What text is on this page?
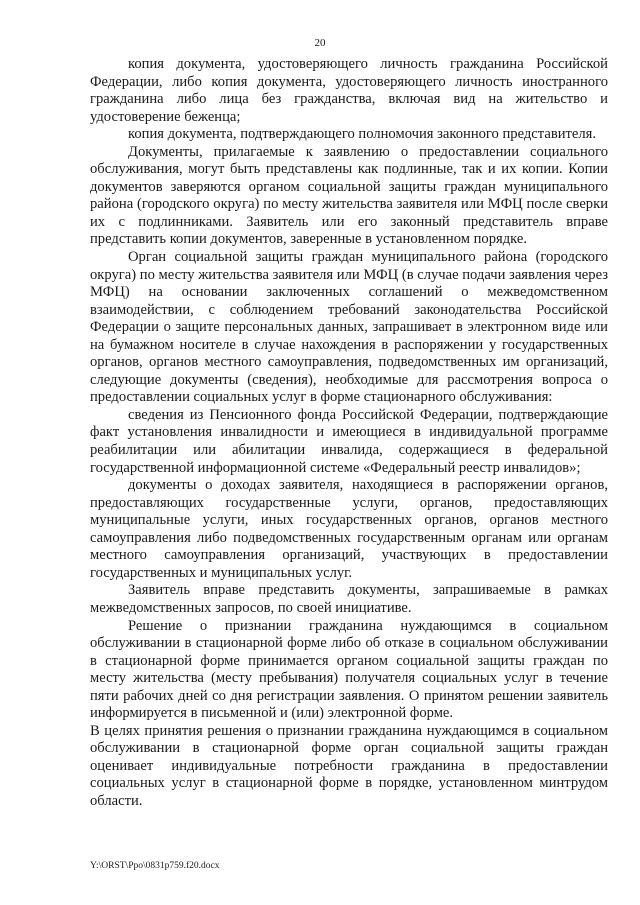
20

копия документа, удостоверяющего личность гражданина Российской Федерации, либо копия документа, удостоверяющего личность иностранного гражданина либо лица без гражданства, включая вид на жительство и удостоверение беженца;

копия документа, подтверждающего полномочия законного представителя.

Документы, прилагаемые к заявлению о предоставлении социального обслуживания, могут быть представлены как подлинные, так и их копии. Копии документов заверяются органом социальной защиты граждан муниципального района (городского округа) по месту жительства заявителя или МФЦ после сверки их с подлинниками. Заявитель или его законный представитель вправе представить копии документов, заверенные в установленном порядке.

Орган социальной защиты граждан муниципального района (городского округа) по месту жительства заявителя или МФЦ (в случае подачи заявления через МФЦ) на основании заключенных соглашений о межведомственном взаимодействии, с соблюдением требований законодательства Российской Федерации о защите персональных данных, запрашивает в электронном виде или на бумажном носителе в случае нахождения в распоряжении у государственных органов, органов местного самоуправления, подведомственных им организаций, следующие документы (сведения), необходимые для рассмотрения вопроса о предоставлении социальных услуг в форме стационарного обслуживания:

сведения из Пенсионного фонда Российской Федерации, подтверждающие факт установления инвалидности и имеющиеся в индивидуальной программе реабилитации или абилитации инвалида, содержащиеся в федеральной государственной информационной системе «Федеральный реестр инвалидов»;

документы о доходах заявителя, находящиеся в распоряжении органов, предоставляющих государственные услуги, органов, предоставляющих муниципальные услуги, иных государственных органов, органов местного самоуправления либо подведомственных государственным органам или органам местного самоуправления организаций, участвующих в предоставлении государственных и муниципальных услуг.

Заявитель вправе представить документы, запрашиваемые в рамках межведомственных запросов, по своей инициативе.

Решение о признании гражданина нуждающимся в социальном обслуживании в стационарной форме либо об отказе в социальном обслуживании в стационарной форме принимается органом социальной защиты граждан по месту жительства (месту пребывания) получателя социальных услуг в течение пяти рабочих дней со дня регистрации заявления. О принятом решении заявитель информируется в письменной и (или) электронной форме.

В целях принятия решения о признании гражданина нуждающимся в социальном обслуживании в стационарной форме орган социальной защиты граждан оценивает индивидуальные потребности гражданина в предоставлении социальных услуг в стационарной форме в порядке, установленном минтрудом области.

Y:\ORST\Ppo\0831p759.f20.docx
